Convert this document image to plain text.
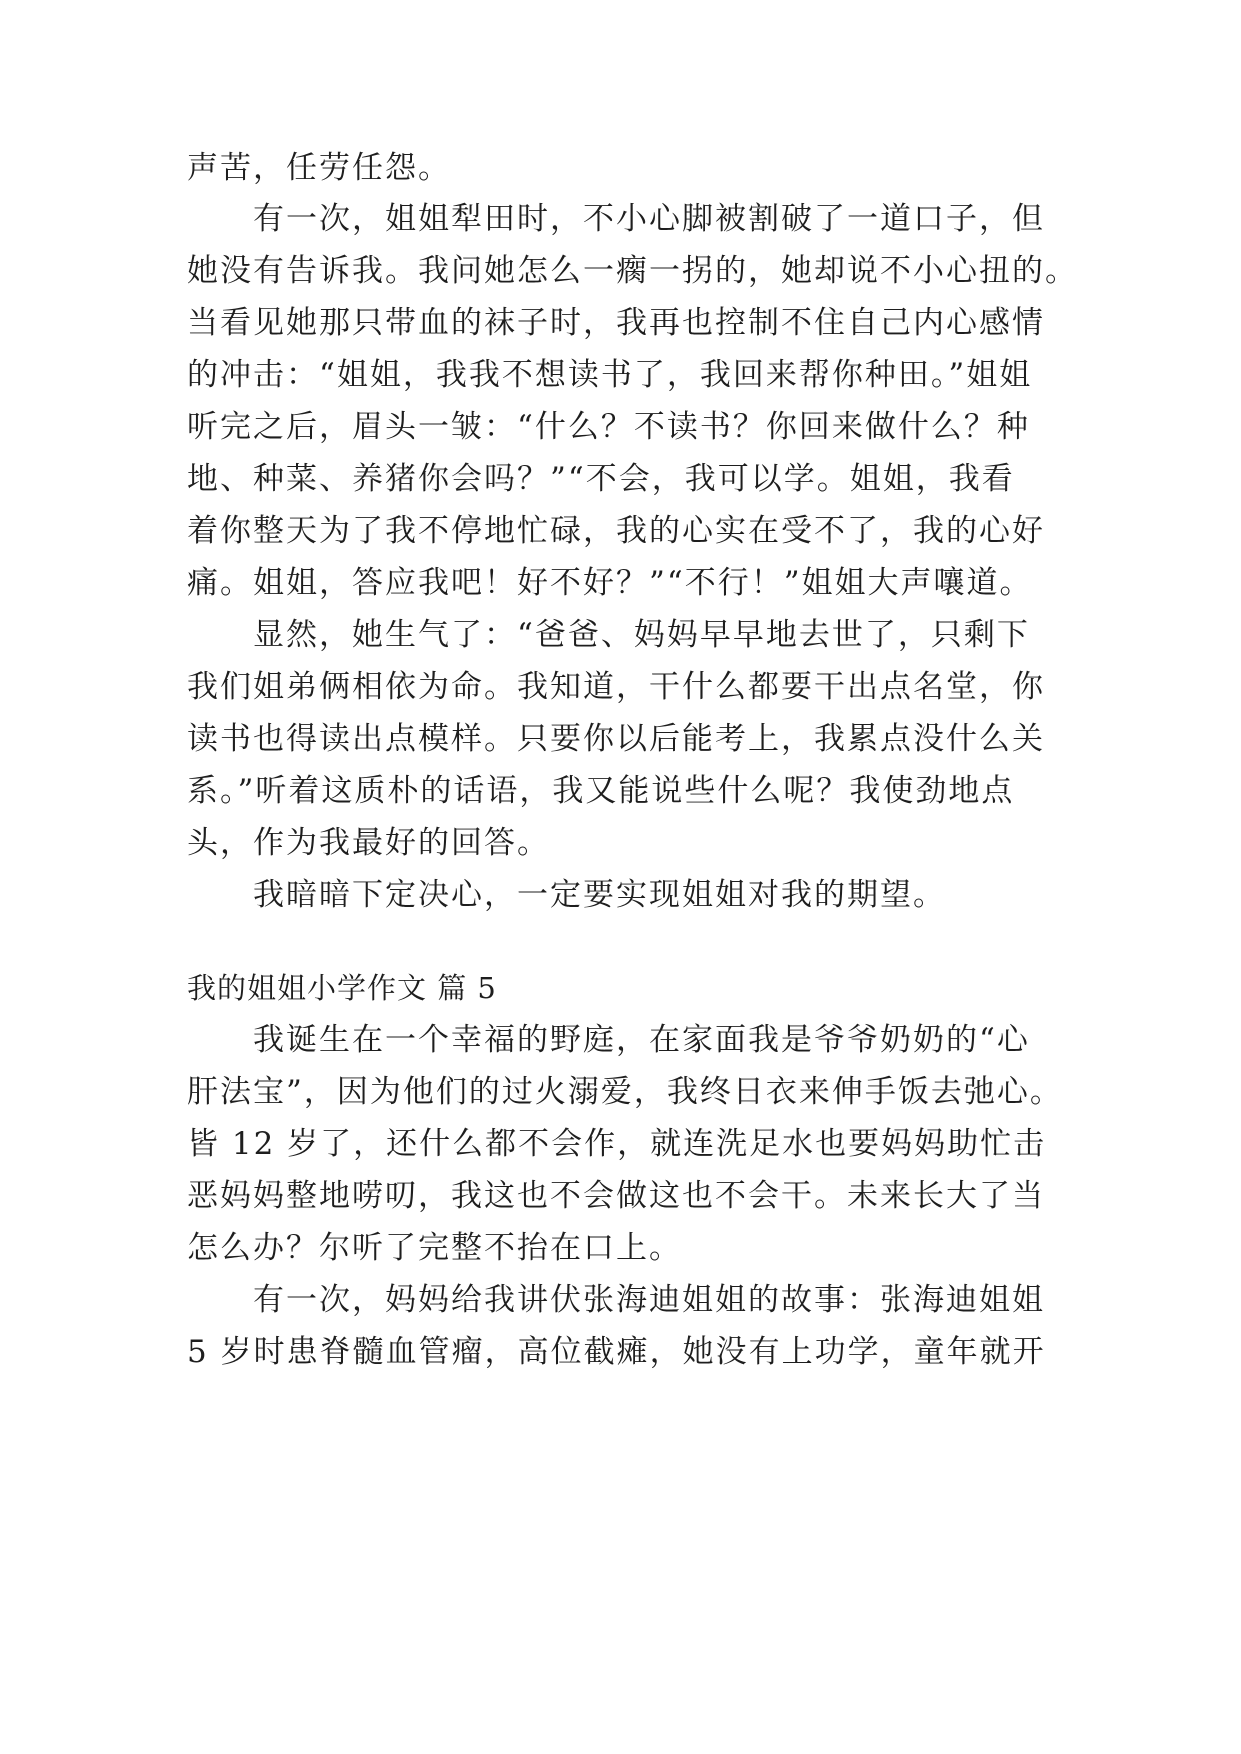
声苦，任劳任怨。
有一次，姐姐犁田时，不小心脚被割破了一道口子，但
她没有告诉我。我问她怎么一瘸一拐的，她却说不小心扭的。
当看见她那只带血的袜子时，我再也控制不住自己内心感情
的冲击：“姐姐，我我不想读书了，我回来帮你种田。”姐姐
听完之后，眉头一皱：“什么？不读书？你回来做什么？种
地、种菜、养猪你会吗？”“不会，我可以学。姐姐，我看
着你整天为了我不停地忙碌，我的心实在受不了，我的心好
痛。姐姐，答应我吧！好不好？”“不行！”姐姐大声嚷道。
显然，她生气了：“爸爸、妈妈早早地去世了，只剩下
我们姐弟俩相依为命。我知道，干什么都要干出点名堂，你
读书也得读出点模样。只要你以后能考上，我累点没什么关
系。”听着这质朴的话语，我又能说些什么呢？我使劲地点
头，作为我最好的回答。
我暗暗下定决心，一定要实现姐姐对我的期望。
我的姐姐小学作文 篇 5
我诞生在一个幸福的野庭，在家面我是爷爷奶奶的“心
肝法宝”，因为他们的过火溺爱，我终日衣来伸手饭去弛心。
皆 12 岁了，还什么都不会作，就连洗足水也要妈妈助忙击
恶妈妈整地唠叨，我这也不会做这也不会干。未来长大了当
怎么办？尔听了完整不抬在口上。
有一次，妈妈给我讲伏张海迪姐姐的故事：张海迪姐姐
5 岁时患脊髓血管瘤，高位截瘫，她没有上功学，童年就开
